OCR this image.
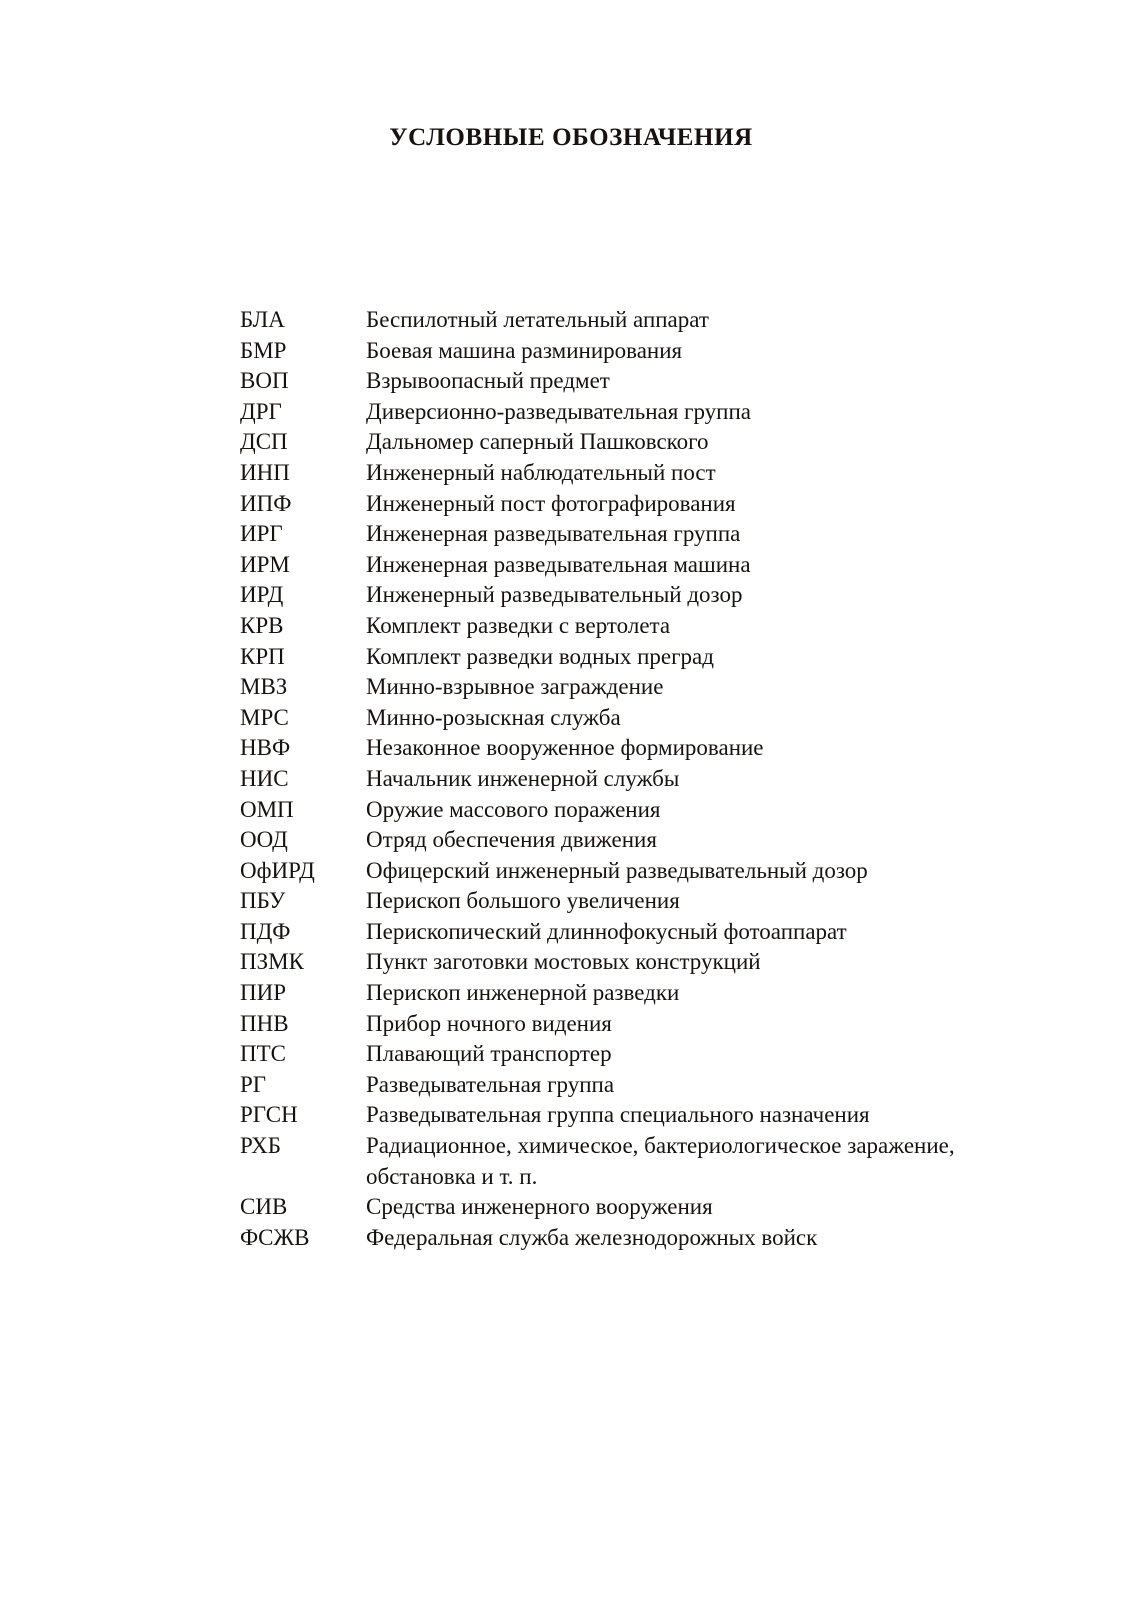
УСЛОВНЫЕ ОБОЗНАЧЕНИЯ
БЛА	Беспилотный летательный аппарат
БМР	Боевая машина разминирования
ВОП	Взрывоопасный предмет
ДРГ	Диверсионно-разведывательная группа
ДСП	Дальномер саперный Пашковского
ИНП	Инженерный наблюдательный пост
ИПФ	Инженерный пост фотографирования
ИРГ	Инженерная разведывательная группа
ИРМ	Инженерная разведывательная машина
ИРД	Инженерный разведывательный дозор
КРВ	Комплект разведки с вертолета
КРП	Комплект разведки водных преград
МВЗ	Минно-взрывное заграждение
МРС	Минно-розыскная служба
НВФ	Незаконное вооруженное формирование
НИС	Начальник инженерной службы
ОМП	Оружие массового поражения
ООД	Отряд обеспечения движения
ОфИРД	Офицерский инженерный разведывательный дозор
ПБУ	Перископ большого увеличения
ПДФ	Перископический длиннофокусный фотоаппарат
ПЗМК	Пункт заготовки мостовых конструкций
ПИР	Перископ инженерной разведки
ПНВ	Прибор ночного видения
ПТС	Плавающий транспортер
РГ	Разведывательная группа
РГСН	Разведывательная группа специального назначения
РХБ	Радиационное, химическое, бактериологическое заражение,
обстановка и т. п.
СИВ	Средства инженерного вооружения
ФСЖВ	Федеральная служба железнодорожных войск
